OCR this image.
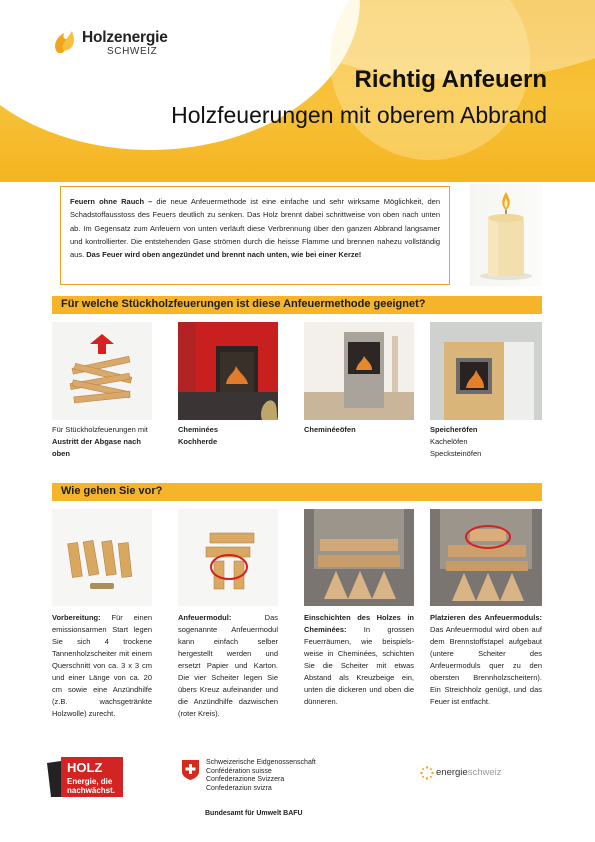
Holzenergie
SCHWEIZ
Richtig Anfeuern
Holzfeuerungen mit oberem Abbrand
Feuern ohne Rauch – die neue Anfeuermethode ist eine einfache und sehr wirksame Möglichkeit, den Schadstoffausstoss des Feuers deutlich zu senken. Das Holz brennt dabei schrittweise von oben nach unten ab. Im Gegensatz zum Anfeuern von unten verläuft diese Verbrennung über den ganzen Abbrand langsamer und kontrollierter. Die entstehenden Gase strömen durch die heisse Flamme und brennen nahezu vollständig aus. Das Feuer wird oben angezündet und brennt nach unten, wie bei einer Kerze!
Für welche Stückholzfeuerungen ist diese Anfeuermethode geeignet?
Für Stückholzfeuerungen mit Austritt der Abgase nach oben
Cheminées
Kochherde
Cheminéeöfen	Speicheröfen
Kachelöfen
Specksteinöfen
Wie gehen Sie vor?
Vorbereitung: Für einen emissionsarmen Start legen Sie sich 4 trockene Tannenholzscheiter mit einem Querschnitt von ca. 3 x 3 cm und einer Länge von ca. 20 cm sowie eine Anzündhilfe (z.B. wachsgetränkte Holzwolle) zurecht.
Anfeuermodul: Das sogenannte Anfeuermodul kann einfach selber hergestellt werden und ersetzt Papier und Karton. Die vier Scheiter legen Sie übers Kreuz aufeinander und die Anzündhilfe dazwischen (roter Kreis).
Einschichten des Holzes in Cheminées: In grossen Feuerräumen, wie beispiels-weise in Cheminées, schichten Sie die Scheiter mit etwas Abstand als Kreuzbeige ein, unten die dickeren und oben die dünneren.
Platzieren des Anfeuermoduls: Das Anfeuermodul wird oben auf dem Brennstoffstapel aufgebaut (untere Scheiter des Anfeuermoduls quer zu den obersten Brennholzscheitern). Ein Streichholz genügt, und das Feuer ist entfacht.
HOLZ
Energie, die
nachwächst.
Schweizerische Eidgenossenschaft
Confédération suisse
Confederazione Svizzera
Confederaziun svizra
Bundesamt für Umwelt BAFU
energieschweiz
